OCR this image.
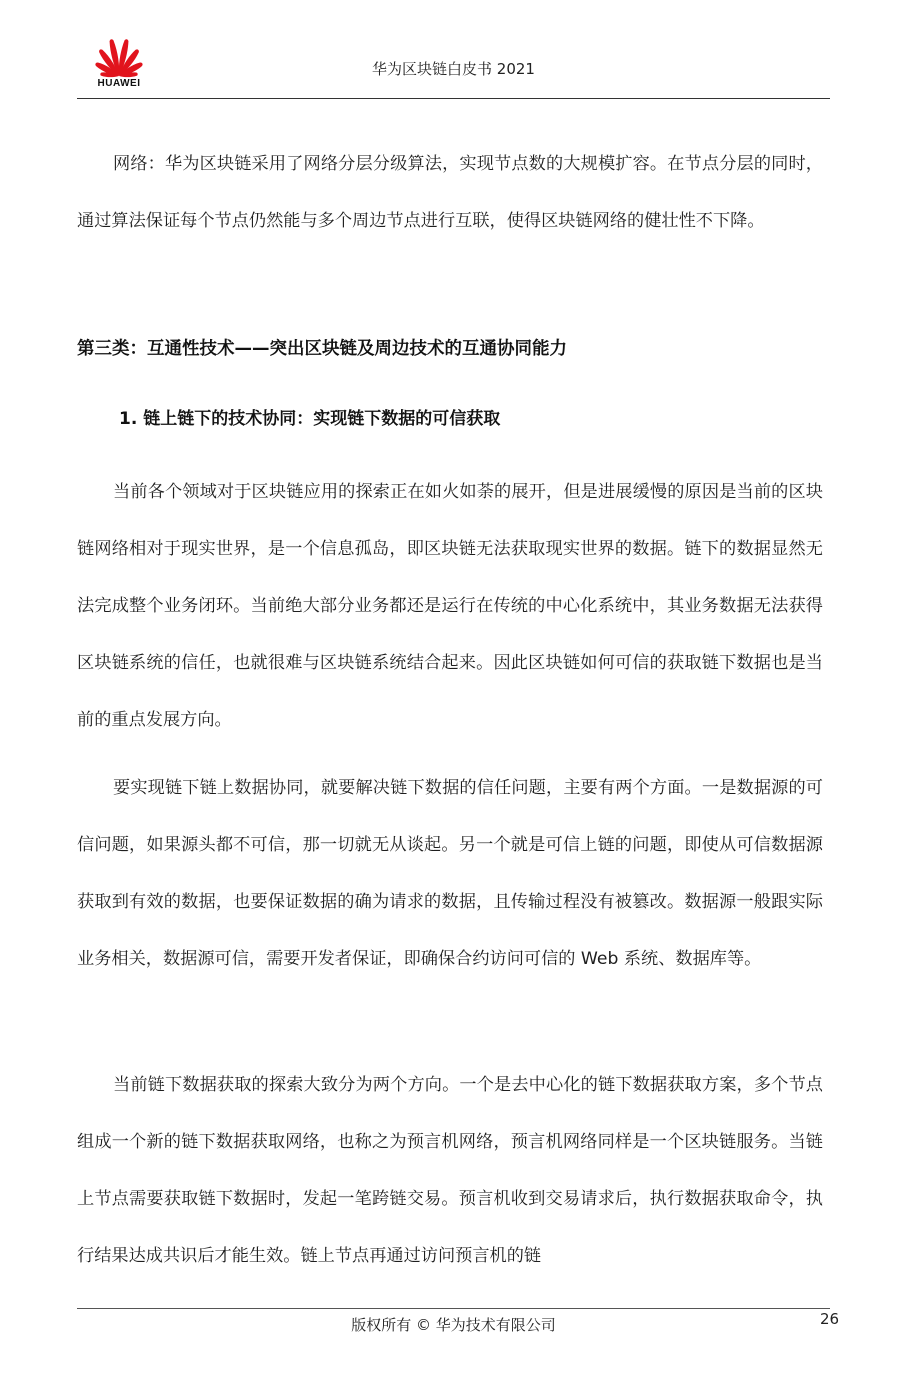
HUAWEI
华为区块链白皮书 2021

网络：华为区块链采用了网络分层分级算法，实现节点数的大规模扩容。在节点分层的同时，通过算法保证每个节点仍然能与多个周边节点进行互联，使得区块链网络的健壮性不下降。

第三类：互通性技术——突出区块链及周边技术的互通协同能力
1. 链上链下的技术协同：实现链下数据的可信获取

当前各个领域对于区块链应用的探索正在如火如荼的展开，但是进展缓慢的原因是当前的区块链网络相对于现实世界，是一个信息孤岛，即区块链无法获取现实世界的数据。链下的数据显然无法完成整个业务闭环。当前绝大部分业务都还是运行在传统的中心化系统中，其业务数据无法获得区块链系统的信任，也就很难与区块链系统结合起来。因此区块链如何可信的获取链下数据也是当前的重点发展方向。

要实现链下链上数据协同，就要解决链下数据的信任问题，主要有两个方面。一是数据源的可信问题，如果源头都不可信，那一切就无从谈起。另一个就是可信上链的问题，即使从可信数据源获取到有效的数据，也要保证数据的确为请求的数据，且传输过程没有被篡改。数据源一般跟实际业务相关，数据源可信，需要开发者保证，即确保合约访问可信的 Web 系统、数据库等。

当前链下数据获取的探索大致分为两个方向。一个是去中心化的链下数据获取方案，多个节点组成一个新的链下数据获取网络，也称之为预言机网络，预言机网络同样是一个区块链服务。当链上节点需要获取链下数据时，发起一笔跨链交易。预言机收到交易请求后，执行数据获取命令，执行结果达成共识后才能生效。链上节点再通过访问预言机的链

版权所有 © 华为技术有限公司	26
